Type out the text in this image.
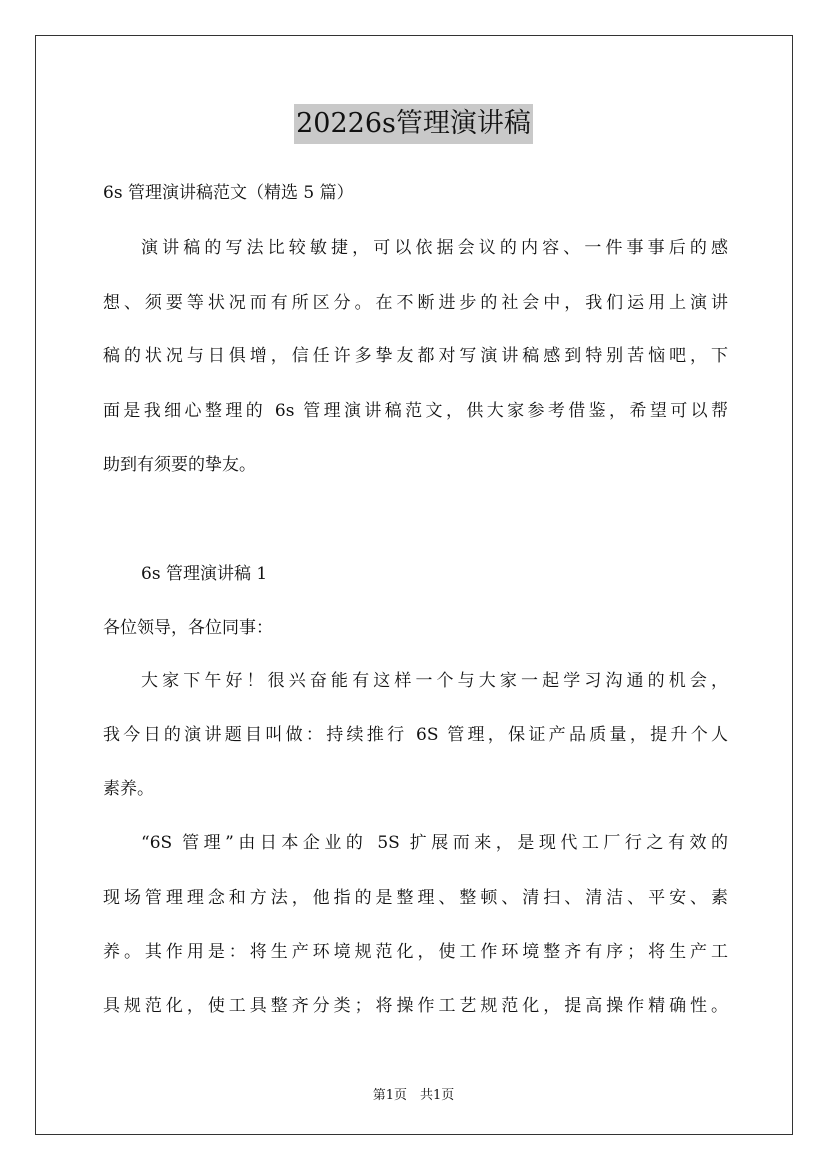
20226s管理演讲稿

6s 管理演讲稿范文（精选 5 篇）

演讲稿的写法比较敏捷，可以依据会议的内容、一件事事后的感

想、须要等状况而有所区分。在不断进步的社会中，我们运用上演讲

稿的状况与日俱增，信任许多挚友都对写演讲稿感到特别苦恼吧，下

面是我细心整理的 6s 管理演讲稿范文，供大家参考借鉴，希望可以帮

助到有须要的挚友。

6s 管理演讲稿 1

各位领导，各位同事：

大家下午好！很兴奋能有这样一个与大家一起学习沟通的机会，

我今日的演讲题目叫做：持续推行 6S 管理，保证产品质量，提升个人

素养。

“6S 管理”由日本企业的 5S 扩展而来，是现代工厂行之有效的

现场管理理念和方法，他指的是整理、整顿、清扫、清洁、平安、素

养。其作用是：将生产环境规范化，使工作环境整齐有序；将生产工

具规范化，使工具整齐分类；将操作工艺规范化，提高操作精确性。

第1页　共1页
